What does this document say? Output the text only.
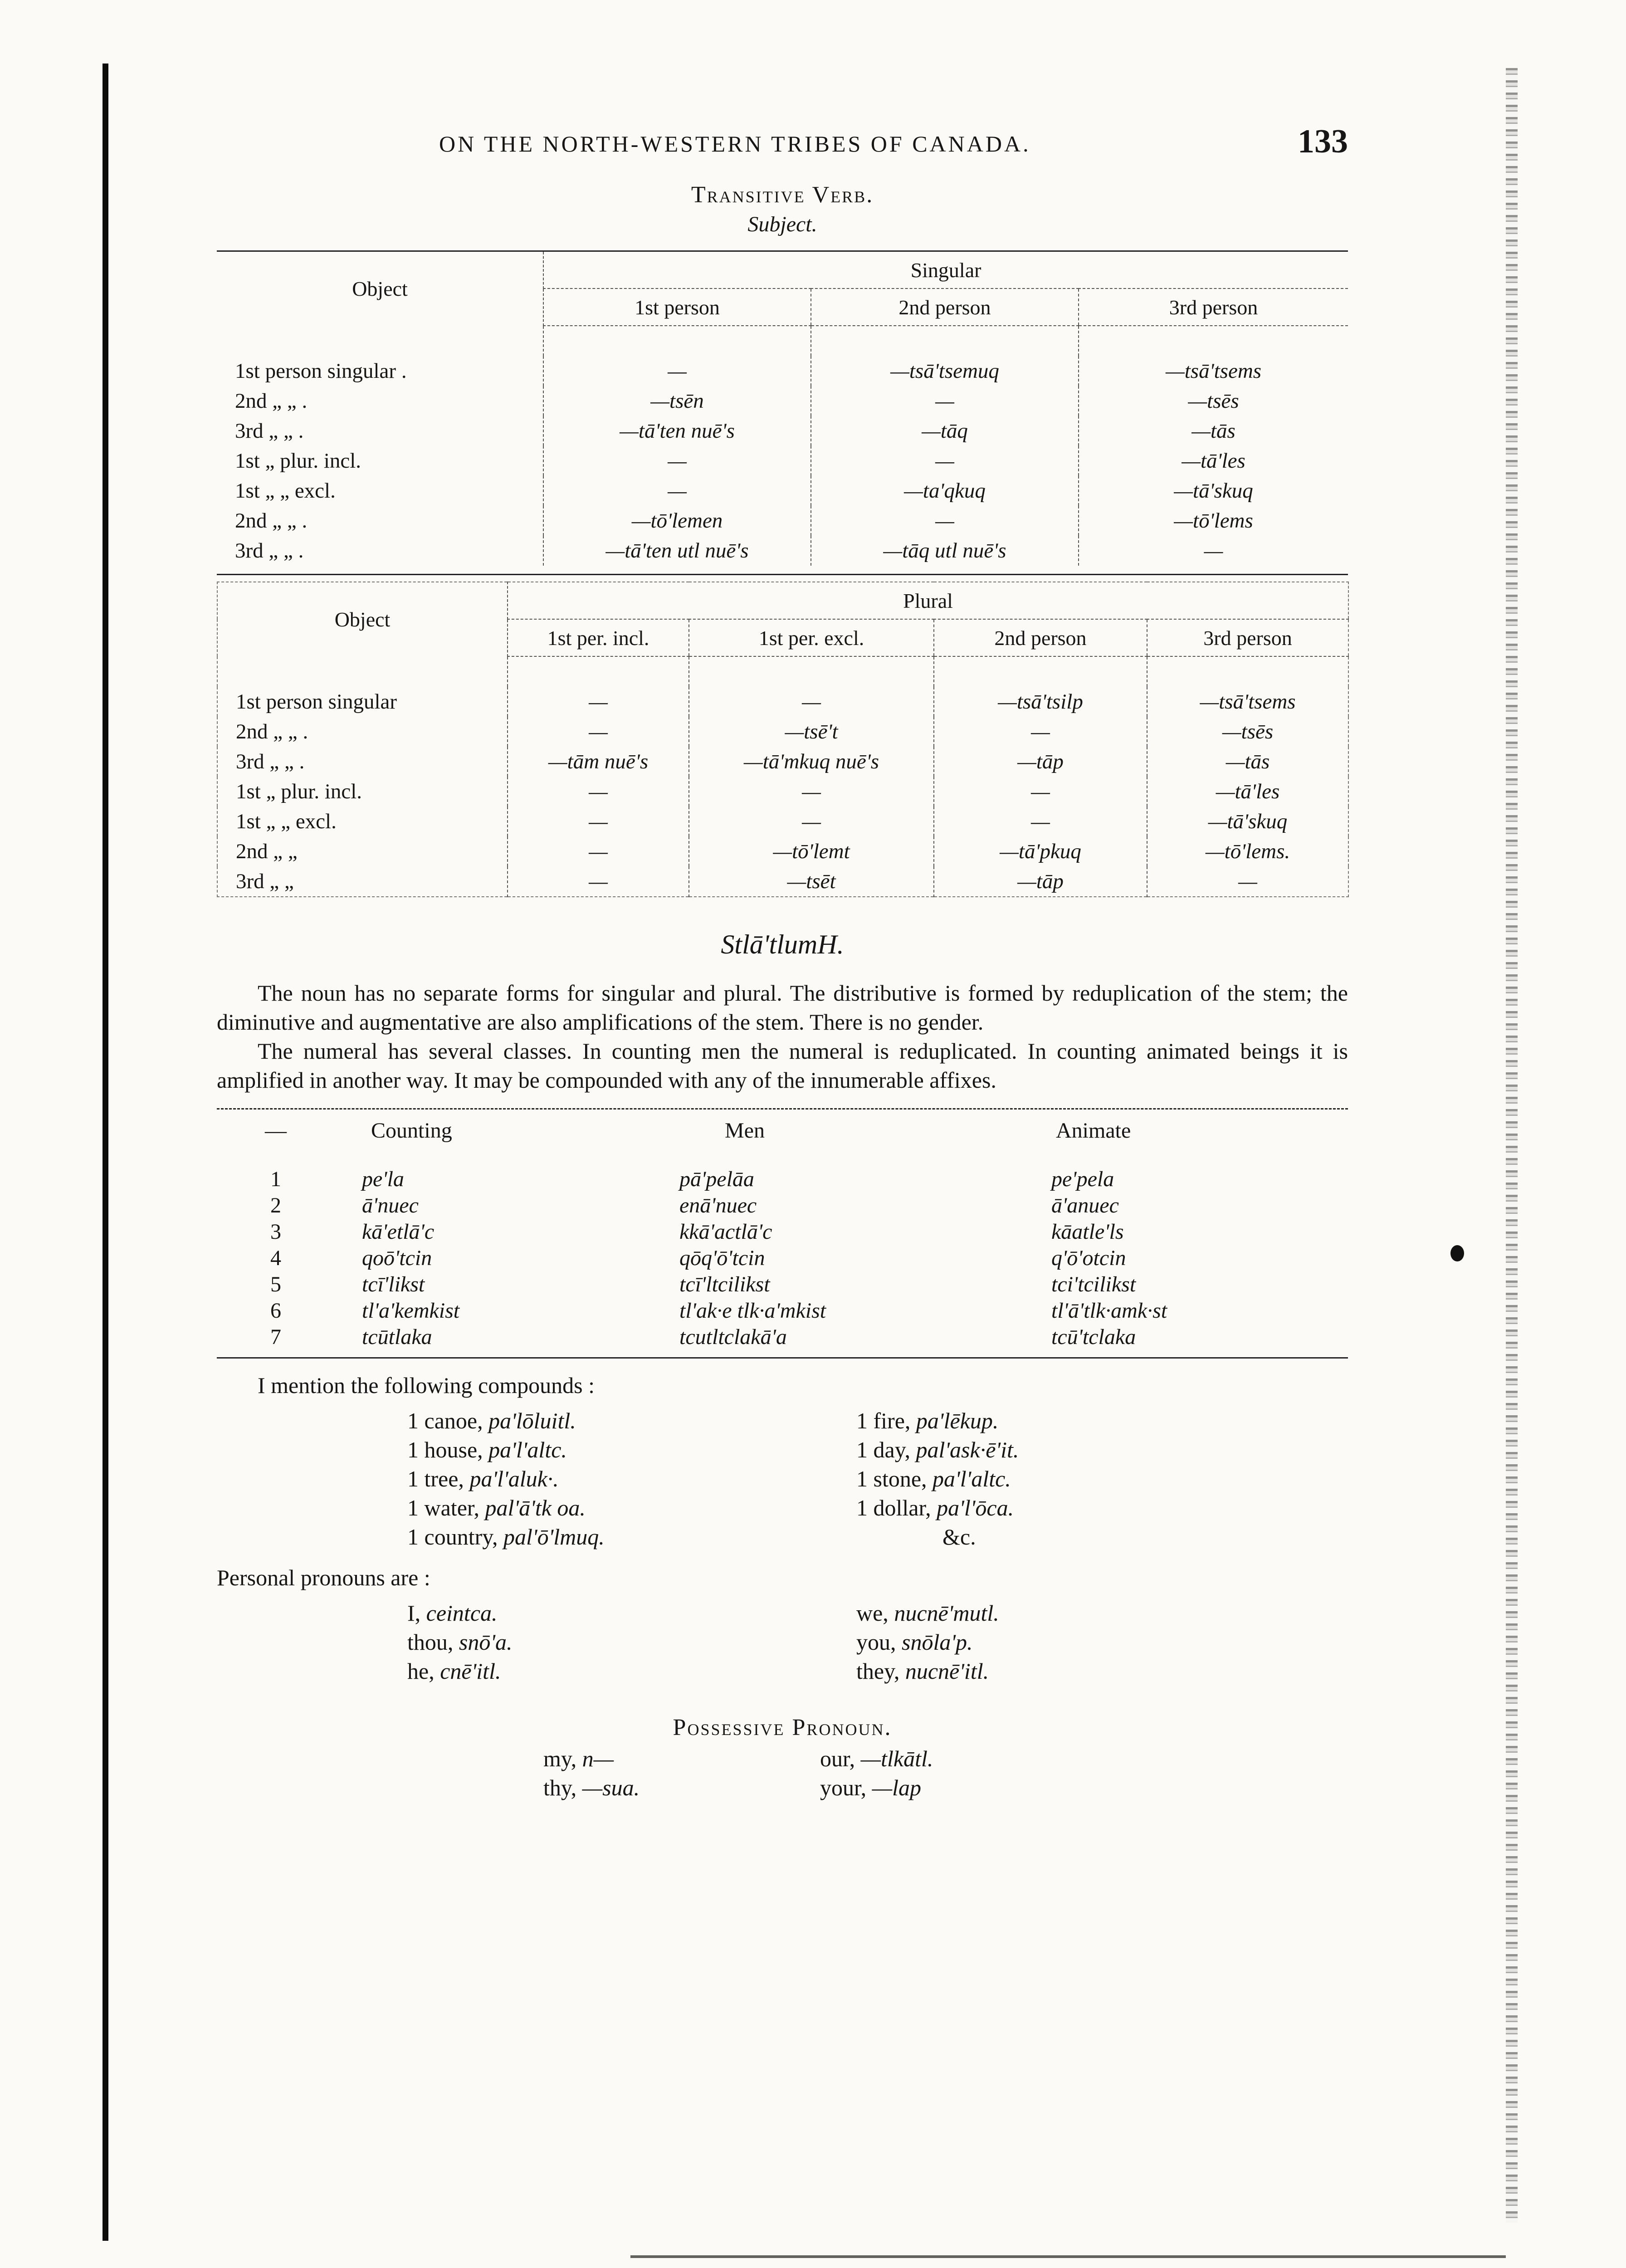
ON THE NORTH-WESTERN TRIBES OF CANADA.	133
Transitive Verb.
Subject.
Object	Singular		
	1st person	2nd person	3rd person

1st person singular .	—	—tsā'tsemuq	—tsā'tsems
2nd „ „ .	—tsēn	—	—tsēs
3rd „ „ .	—tā'ten nuē's	—tāq	—tās
1st „ plur. incl.	—	—	—tā'les
1st „ „ excl.	—	—ta'qkuq	—tā'skuq
2nd „ „ .	—tō'lemen	—	—tō'lems
3rd „ „ .	—tā'ten utl nuē's	—tāq utl nuē's	—
Object	Plural			
	1st per. incl.	1st per. excl.	2nd person	3rd person

1st person singular	—	—	—tsā'tsilp	—tsā'tsems
2nd „ „ .	—	—tsē't	—	—tsēs
3rd „ „ .	—tām nuē's	—tā'mkuq nuē's	—tāp	—tās
1st „ plur. incl.	—	—	—	—tā'les
1st „ „ excl.	—	—	—	—tā'skuq
2nd „ „	—	—tō'lemt	—tā'pkuq	—tō'lems.
3rd „ „	—	—tsēt	—tāp	—
Stlā'tlumH.

The noun has no separate forms for singular and plural. The distributive is formed by reduplication of the stem; the diminutive and augmentative are also amplifications of the stem. There is no gender.

The numeral has several classes. In counting men the numeral is reduplicated. In counting animated beings it is amplified in another way. It may be compounded with any of the innumerable affixes.

—	Counting	Men	Animate

1	pe'la	pā'pelāa	pe'pela
2	ā'nuec	enā'nuec	ā'anuec
3	kā'etlā'c	kkā'actlā'c	kāatle'ls
4	qoō'tcin	qōq'ō'tcin	q'ō'otcin
5	tcī'likst	tcī'ltcilikst	tci'tcilikst
6	tl'a'kemkist	tl'ak·e tlk·a'mkist	tl'ā'tlk·amk·st
7	tcūtlaka	tcutltclakā'a	tcū'tclaka
I mention the following compounds :
1 canoe, pa'lōluitl.	1 fire, pa'lēkup.
1 house, pa'l'altc.	1 day, pal'ask·ē'it.
1 tree, pa'l'aluk·.	1 stone, pa'l'altc.
1 water, pal'ā'tk oa.	1 dollar, pa'l'ōca.
1 country, pal'ō'lmuq.	&c.
Personal pronouns are :
I, ceintca.	we, nucnē'mutl.
thou, snō'a.	you, snōla'p.
he, cnē'itl.	they, nucnē'itl.
Possessive Pronoun.
my, n—	our, —tlkātl.
thy, —sua.	your, —lap
